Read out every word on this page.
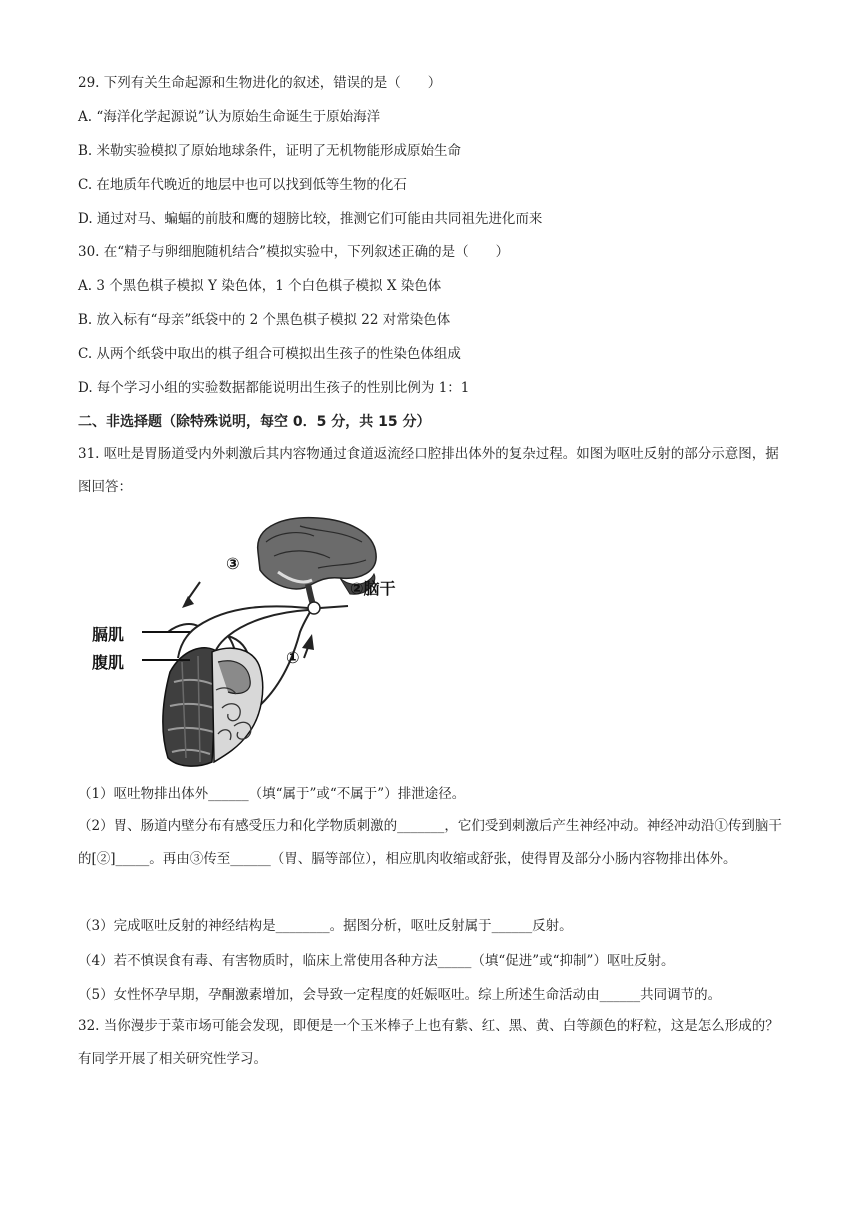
29. 下列有关生命起源和生物进化的叙述，错误的是（　　）
A. “海洋化学起源说”认为原始生命诞生于原始海洋
B. 米勒实验模拟了原始地球条件，证明了无机物能形成原始生命
C. 在地质年代晚近的地层中也可以找到低等生物的化石
D. 通过对马、蝙蝠的前肢和鹰的翅膀比较，推测它们可能由共同祖先进化而来
30. 在“精子与卵细胞随机结合”模拟实验中，下列叙述正确的是（　　）
A. 3 个黑色棋子模拟 Y 染色体，1 个白色棋子模拟 X 染色体
B. 放入标有“母亲”纸袋中的 2 个黑色棋子模拟 22 对常染色体
C. 从两个纸袋中取出的棋子组合可模拟出生孩子的性染色体组成
D. 每个学习小组的实验数据都能说明出生孩子的性别比例为 1：1
二、非选择题（除特殊说明，每空 0．5 分，共 15 分）
31. 呕吐是胃肠道受内外刺激后其内容物通过食道返流经口腔排出体外的复杂过程。如图为呕吐反射的部分示意图，据图回答：
③
②脑干
①
膈肌
腹肌
（1）呕吐物排出体外______（填“属于”或“不属于”）排泄途径。
（2）胃、肠道内壁分布有感受压力和化学物质刺激的_______，它们受到刺激后产生神经冲动。神经冲动沿①传到脑干的[②]_____。再由③传至______（胃、膈等部位），相应肌肉收缩或舒张，使得胃及部分小肠内容物排出体外。
（3）完成呕吐反射的神经结构是________。据图分析，呕吐反射属于______反射。
（4）若不慎误食有毒、有害物质时，临床上常使用各种方法_____（填“促进”或“抑制”）呕吐反射。
（5）女性怀孕早期，孕酮激素增加，会导致一定程度的妊娠呕吐。综上所述生命活动由______共同调节的。
32. 当你漫步于菜市场可能会发现，即便是一个玉米棒子上也有紫、红、黑、黄、白等颜色的籽粒，这是怎么形成的？有同学开展了相关研究性学习。
